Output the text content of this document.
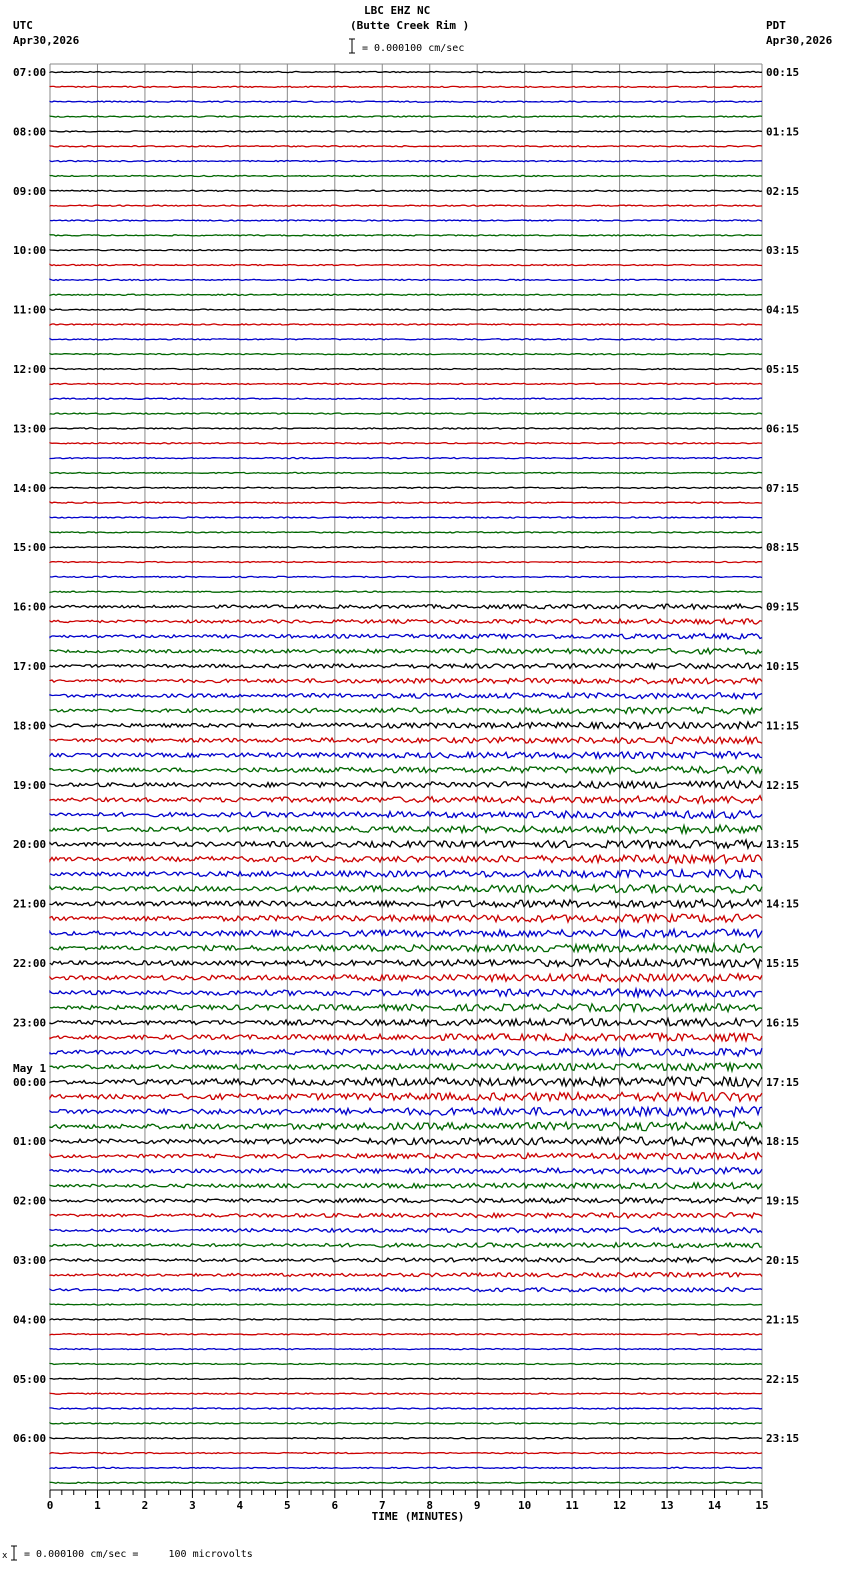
LBC EHZ NC
(Butte Creek Rim )
UTC
Apr30,2026
PDT
Apr30,2026
= 0.000100 cm/sec
07:00	00:15
08:00	01:15
09:00	02:15
10:00	03:15
11:00	04:15
12:00	05:15
13:00	06:15
14:00	07:15
15:00	08:15
16:00	09:15
17:00	10:15
18:00	11:15
19:00	12:15
20:00	13:15
21:00	14:15
22:00	15:15
23:00	16:15
00:00	17:15
May 1
01:00	18:15
02:00	19:15
03:00	20:15
04:00	21:15
05:00	22:15
06:00	23:15
0	1	2	3	4	5	6	7	8	9	10	11	12	13	14	15
TIME (MINUTES)
x = 0.000100 cm/sec =     100 microvolts
